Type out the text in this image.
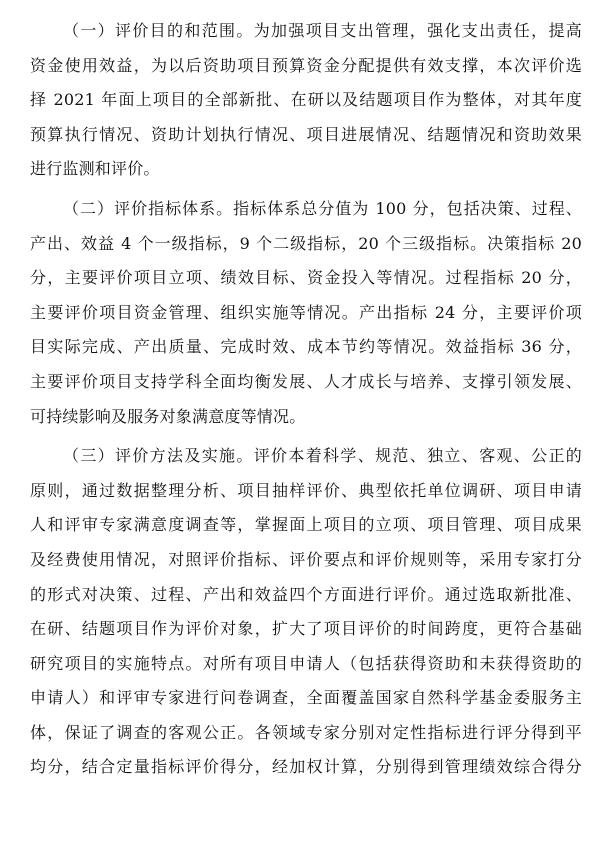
（一）评价目的和范围。为加强项目支出管理，强化支出责任，提高
资金使用效益，为以后资助项目预算资金分配提供有效支撑，本次评价选
择 2021 年面上项目的全部新批、在研以及结题项目作为整体，对其年度
预算执行情况、资助计划执行情况、项目进展情况、结题情况和资助效果
进行监测和评价。

（二）评价指标体系。指标体系总分值为 100 分，包括决策、过程、
产出、效益 4 个一级指标，9 个二级指标，20 个三级指标。决策指标 20
分，主要评价项目立项、绩效目标、资金投入等情况。过程指标 20 分，
主要评价项目资金管理、组织实施等情况。产出指标 24 分，主要评价项
目实际完成、产出质量、完成时效、成本节约等情况。效益指标 36 分，
主要评价项目支持学科全面均衡发展、人才成长与培养、支撑引领发展、
可持续影响及服务对象满意度等情况。

（三）评价方法及实施。评价本着科学、规范、独立、客观、公正的
原则，通过数据整理分析、项目抽样评价、典型依托单位调研、项目申请
人和评审专家满意度调查等，掌握面上项目的立项、项目管理、项目成果
及经费使用情况，对照评价指标、评价要点和评价规则等，采用专家打分
的形式对决策、过程、产出和效益四个方面进行评价。通过选取新批准、
在研、结题项目作为评价对象，扩大了项目评价的时间跨度，更符合基础
研究项目的实施特点。对所有项目申请人（包括获得资助和未获得资助的
申请人）和评审专家进行问卷调查，全面覆盖国家自然科学基金委服务主
体，保证了调查的客观公正。各领域专家分别对定性指标进行评分得到平
均分，结合定量指标评价得分，经加权计算，分别得到管理绩效综合得分
